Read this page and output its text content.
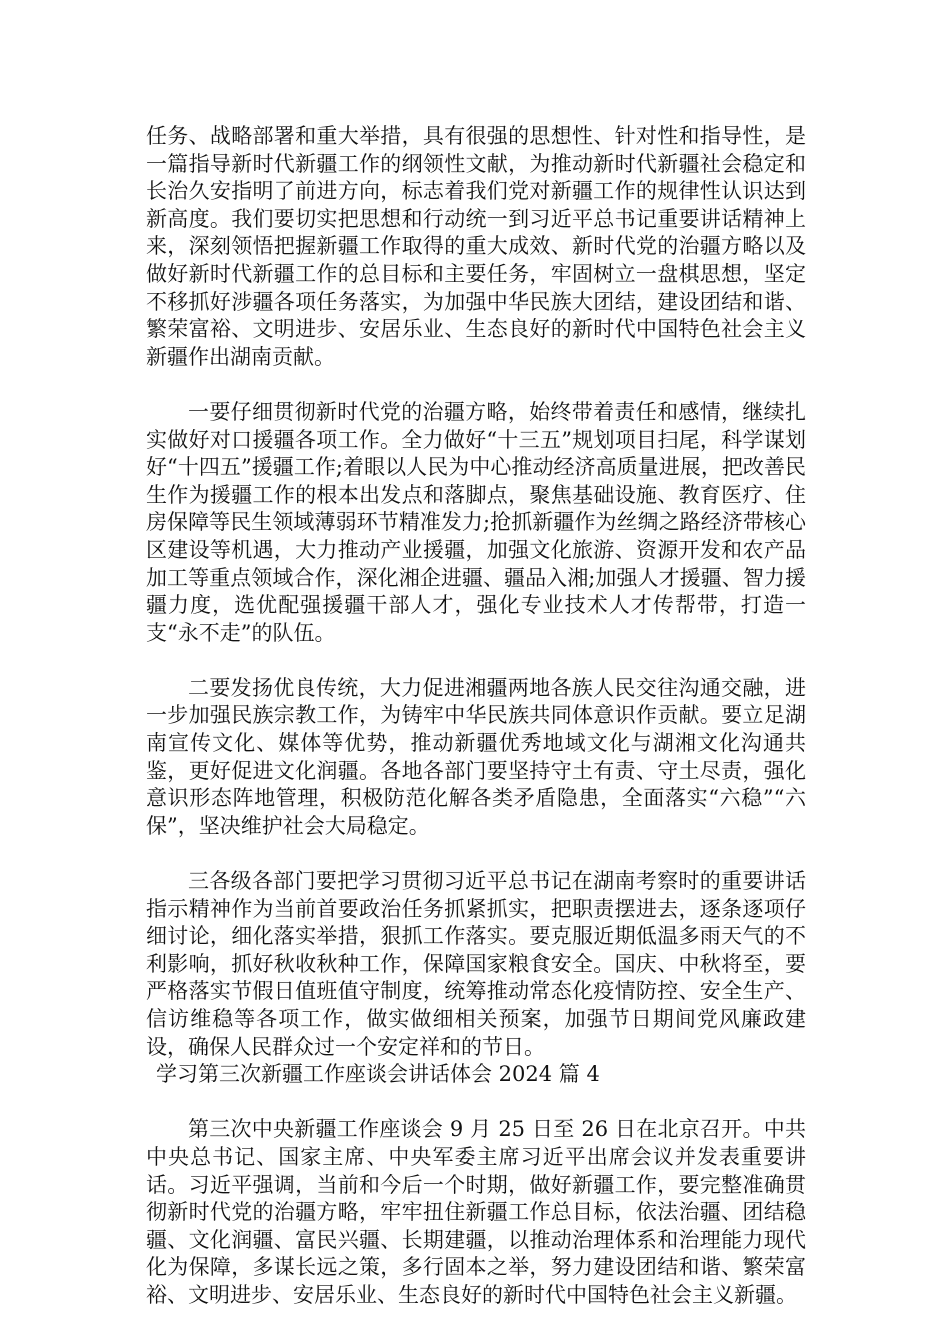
任务、战略部署和重大举措，具有很强的思想性、针对性和指导性，是一篇指导新时代新疆工作的纲领性文献，为推动新时代新疆社会稳定和长治久安指明了前进方向，标志着我们党对新疆工作的规律性认识达到新高度。我们要切实把思想和行动统一到习近平总书记重要讲话精神上来，深刻领悟把握新疆工作取得的重大成效、新时代党的治疆方略以及做好新时代新疆工作的总目标和主要任务，牢固树立一盘棋思想，坚定不移抓好涉疆各项任务落实，为加强中华民族大团结，建设团结和谐、繁荣富裕、文明进步、安居乐业、生态良好的新时代中国特色社会主义新疆作出湖南贡献。

一要仔细贯彻新时代党的治疆方略，始终带着责任和感情，继续扎实做好对口援疆各项工作。全力做好“十三五”规划项目扫尾，科学谋划好“十四五”援疆工作;着眼以人民为中心推动经济高质量进展，把改善民生作为援疆工作的根本出发点和落脚点，聚焦基础设施、教育医疗、住房保障等民生领域薄弱环节精准发力;抢抓新疆作为丝绸之路经济带核心区建设等机遇，大力推动产业援疆，加强文化旅游、资源开发和农产品加工等重点领域合作，深化湘企进疆、疆品入湘;加强人才援疆、智力援疆力度，选优配强援疆干部人才，强化专业技术人才传帮带，打造一支“永不走”的队伍。

二要发扬优良传统，大力促进湘疆两地各族人民交往沟通交融，进一步加强民族宗教工作，为铸牢中华民族共同体意识作贡献。要立足湖南宣传文化、媒体等优势，推动新疆优秀地域文化与湖湘文化沟通共鉴，更好促进文化润疆。各地各部门要坚持守土有责、守土尽责，强化意识形态阵地管理，积极防范化解各类矛盾隐患，全面落实“六稳”“六保”，坚决维护社会大局稳定。

三各级各部门要把学习贯彻习近平总书记在湖南考察时的重要讲话指示精神作为当前首要政治任务抓紧抓实，把职责摆进去，逐条逐项仔细讨论，细化落实举措，狠抓工作落实。要克服近期低温多雨天气的不利影响，抓好秋收秋种工作，保障国家粮食安全。国庆、中秋将至，要严格落实节假日值班值守制度，统筹推动常态化疫情防控、安全生产、信访维稳等各项工作，做实做细相关预案，加强节日期间党风廉政建设，确保人民群众过一个安定祥和的节日。

学习第三次新疆工作座谈会讲话体会 2024 篇 4

第三次中央新疆工作座谈会 9 月 25 日至 26 日在北京召开。中共中央总书记、国家主席、中央军委主席习近平出席会议并发表重要讲话。习近平强调，当前和今后一个时期，做好新疆工作，要完整准确贯彻新时代党的治疆方略，牢牢扭住新疆工作总目标，依法治疆、团结稳疆、文化润疆、富民兴疆、长期建疆，以推动治理体系和治理能力现代化为保障，多谋长远之策，多行固本之举，努力建设团结和谐、繁荣富裕、文明进步、安居乐业、生态良好的新时代中国特色社会主义新疆。
